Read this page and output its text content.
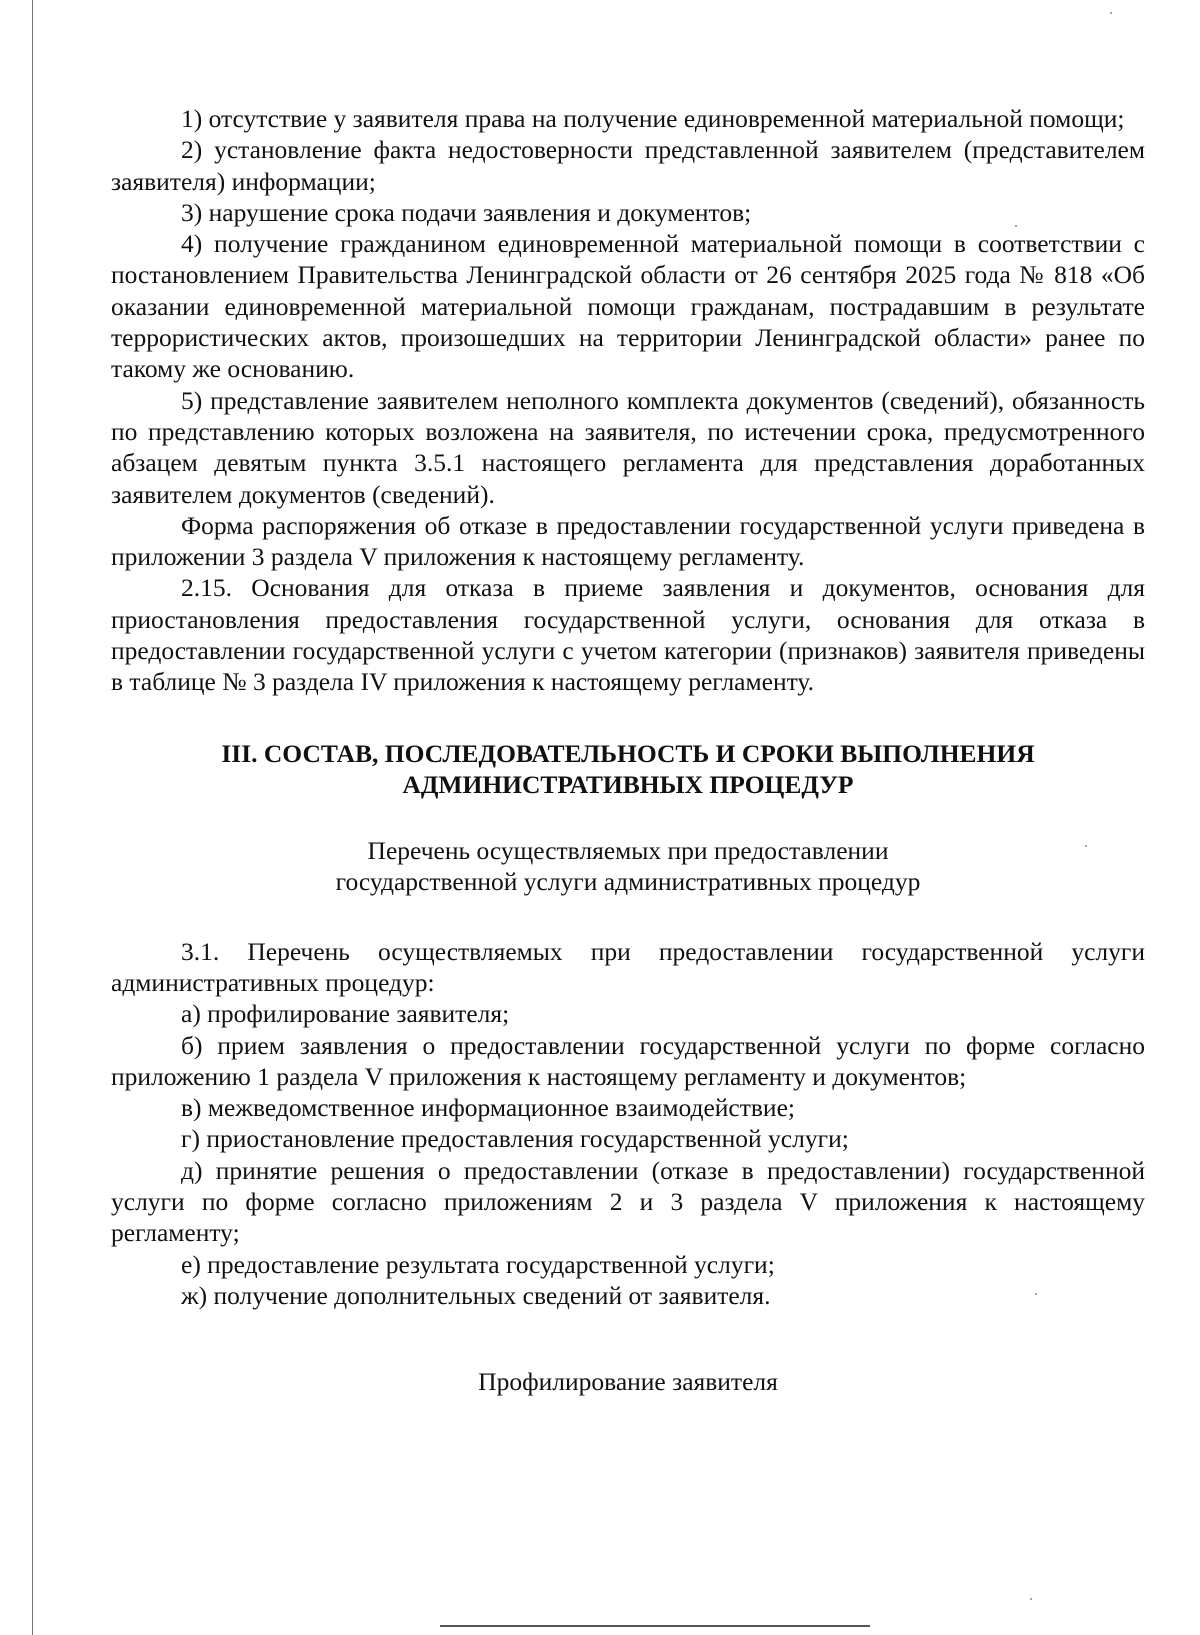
1) отсутствие у заявителя права на получение единовременной материальной помощи;

2) установление факта недостоверности представленной заявителем (представителем заявителя) информации;

3) нарушение срока подачи заявления и документов;

4) получение гражданином единовременной материальной помощи в соответствии с постановлением Правительства Ленинградской области от 26 сентября 2025 года № 818 «Об оказании единовременной материальной помощи гражданам, пострадавшим в результате террористических актов, произошедших на территории Ленинградской области» ранее по такому же основанию.

5) представление заявителем неполного комплекта документов (сведений), обязанность по представлению которых возложена на заявителя, по истечении срока, предусмотренного абзацем девятым пункта 3.5.1 настоящего регламента для представления доработанных заявителем документов (сведений).

Форма распоряжения об отказе в предоставлении государственной услуги приведена в приложении 3 раздела V приложения к настоящему регламенту.

2.15. Основания для отказа в приеме заявления и документов, основания для приостановления предоставления государственной услуги, основания для отказа в предоставлении государственной услуги с учетом категории (признаков) заявителя приведены в таблице № 3 раздела IV приложения к настоящему регламенту.

III. СОСТАВ, ПОСЛЕДОВАТЕЛЬНОСТЬ И СРОКИ ВЫПОЛНЕНИЯ
АДМИНИСТРАТИВНЫХ ПРОЦЕДУР
Перечень осуществляемых при предоставлении
государственной услуги административных процедур

3.1. Перечень осуществляемых при предоставлении государственной услуги административных процедур:

а) профилирование заявителя;

б) прием заявления о предоставлении государственной услуги по форме согласно приложению 1 раздела V приложения к настоящему регламенту и документов;

в) межведомственное информационное взаимодействие;

г) приостановление предоставления государственной услуги;

д) принятие решения о предоставлении (отказе в предоставлении) государственной услуги по форме согласно приложениям 2 и 3 раздела V приложения к настоящему регламенту;

е) предоставление результата государственной услуги;

ж) получение дополнительных сведений от заявителя.

Профилирование заявителя
